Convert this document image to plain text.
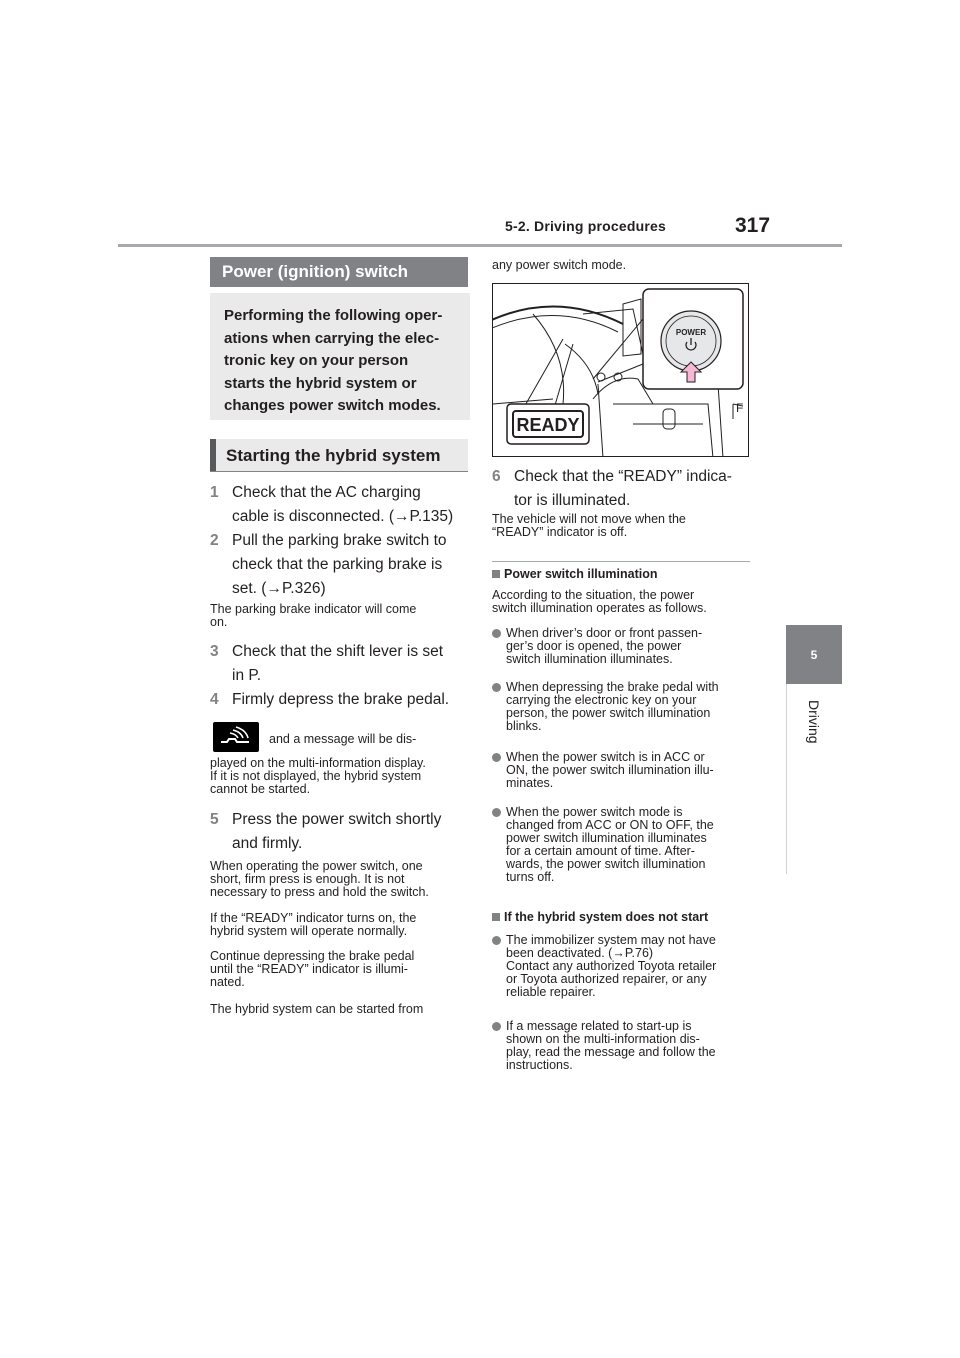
5-2. Driving procedures	317
5
Driving
Power (ignition) switch
Performing the following oper-
ations when carrying the elec-
tronic key on your person
starts the hybrid system or
changes power switch modes.
Starting the hybrid system
1 Check that the AC charging
cable is disconnected. (→P.135)
2 Pull the parking brake switch to
check that the parking brake is
set. (→P.326)
The parking brake indicator will come
on.
3 Check that the shift lever is set
in P.
4 Firmly depress the brake pedal.
and a message will be dis-
played on the multi-information display.
If it is not displayed, the hybrid system
cannot be started.
5 Press the power switch shortly
and firmly.
When operating the power switch, one
short, firm press is enough. It is not
necessary to press and hold the switch.
If the “READY” indicator turns on, the
hybrid system will operate normally.
Continue depressing the brake pedal
until the “READY” indicator is illumi-
nated.
The hybrid system can be started from
any power switch mode.
POWER
READY
F
6 Check that the “READY” indica-
tor is illuminated.
The vehicle will not move when the
“READY” indicator is off.
Power switch illumination
According to the situation, the power
switch illumination operates as follows.
When driver’s door or front passen-
ger’s door is opened, the power
switch illumination illuminates.
When depressing the brake pedal with
carrying the electronic key on your
person, the power switch illumination
blinks.
When the power switch is in ACC or
ON, the power switch illumination illu-
minates.
When the power switch mode is
changed from ACC or ON to OFF, the
power switch illumination illuminates
for a certain amount of time. After-
wards, the power switch illumination
turns off.
If the hybrid system does not start
The immobilizer system may not have
been deactivated. (→P.76)
Contact any authorized Toyota retailer
or Toyota authorized repairer, or any
reliable repairer.
If a message related to start-up is
shown on the multi-information dis-
play, read the message and follow the
instructions.
